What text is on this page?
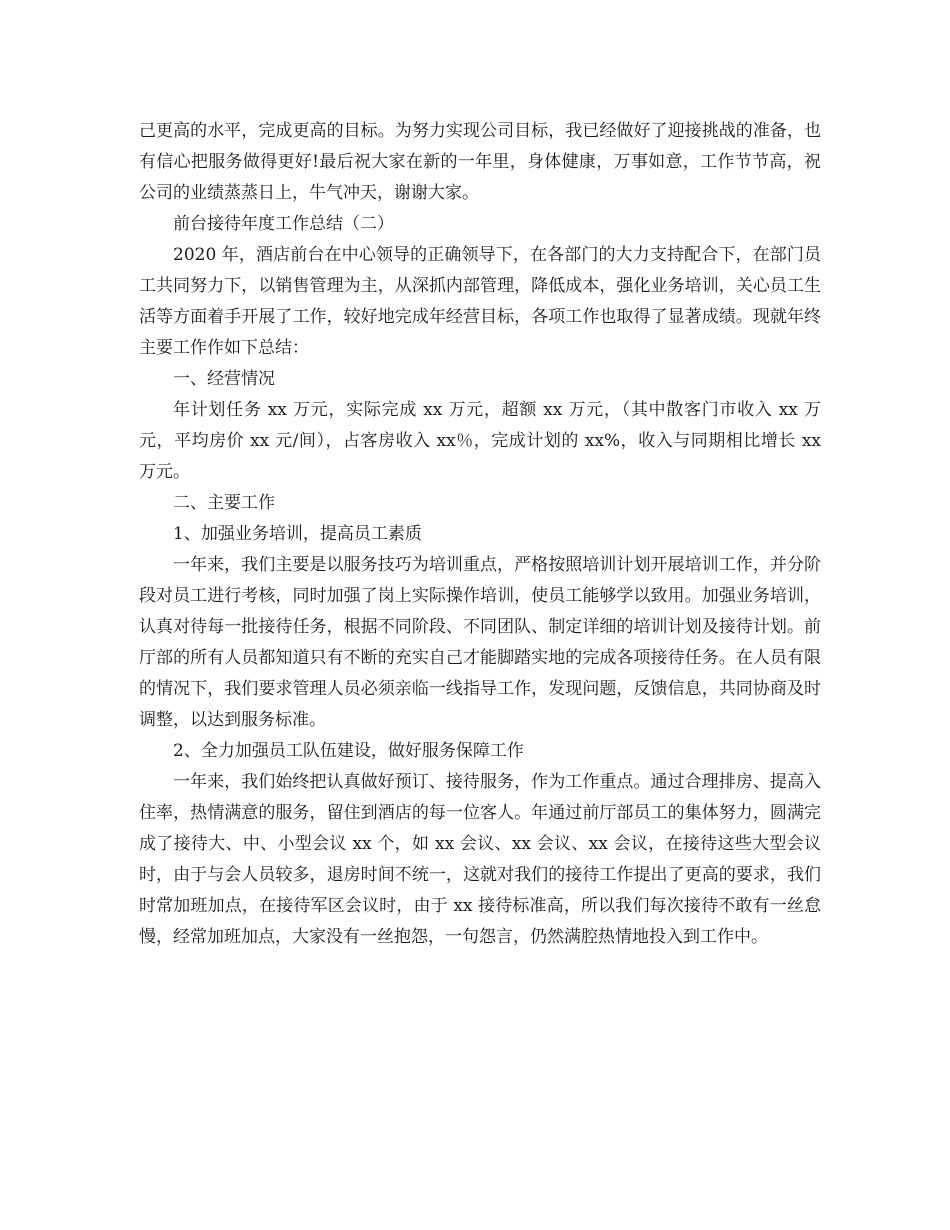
己更高的水平，完成更高的目标。为努力实现公司目标，我已经做好了迎接挑战的准备，也有信心把服务做得更好!最后祝大家在新的一年里，身体健康，万事如意，工作节节高，祝公司的业绩蒸蒸日上，牛气冲天，谢谢大家。

前台接待年度工作总结（二）

2020 年，酒店前台在中心领导的正确领导下，在各部门的大力支持配合下，在部门员工共同努力下，以销售管理为主，从深抓内部管理，降低成本，强化业务培训，关心员工生活等方面着手开展了工作，较好地完成年经营目标，各项工作也取得了显著成绩。现就年终主要工作作如下总结：

一、经营情况

年计划任务 xx 万元，实际完成 xx 万元，超额 xx 万元，（其中散客门市收入 xx 万元，平均房价 xx 元/间），占客房收入 xx％，完成计划的 xx%，收入与同期相比增长 xx 万元。

二、主要工作

1、加强业务培训，提高员工素质

一年来，我们主要是以服务技巧为培训重点，严格按照培训计划开展培训工作，并分阶段对员工进行考核，同时加强了岗上实际操作培训，使员工能够学以致用。加强业务培训，认真对待每一批接待任务，根据不同阶段、不同团队、制定详细的培训计划及接待计划。前厅部的所有人员都知道只有不断的充实自己才能脚踏实地的完成各项接待任务。在人员有限的情况下，我们要求管理人员必须亲临一线指导工作，发现问题，反馈信息，共同协商及时调整，以达到服务标准。

2、全力加强员工队伍建设，做好服务保障工作

一年来，我们始终把认真做好预订、接待服务，作为工作重点。通过合理排房、提高入住率，热情满意的服务，留住到酒店的每一位客人。年通过前厅部员工的集体努力，圆满完成了接待大、中、小型会议 xx 个，如 xx 会议、xx 会议、xx 会议，在接待这些大型会议时，由于与会人员较多，退房时间不统一，这就对我们的接待工作提出了更高的要求，我们时常加班加点，在接待军区会议时，由于 xx 接待标准高，所以我们每次接待不敢有一丝怠慢，经常加班加点，大家没有一丝抱怨，一句怨言，仍然满腔热情地投入到工作中。
